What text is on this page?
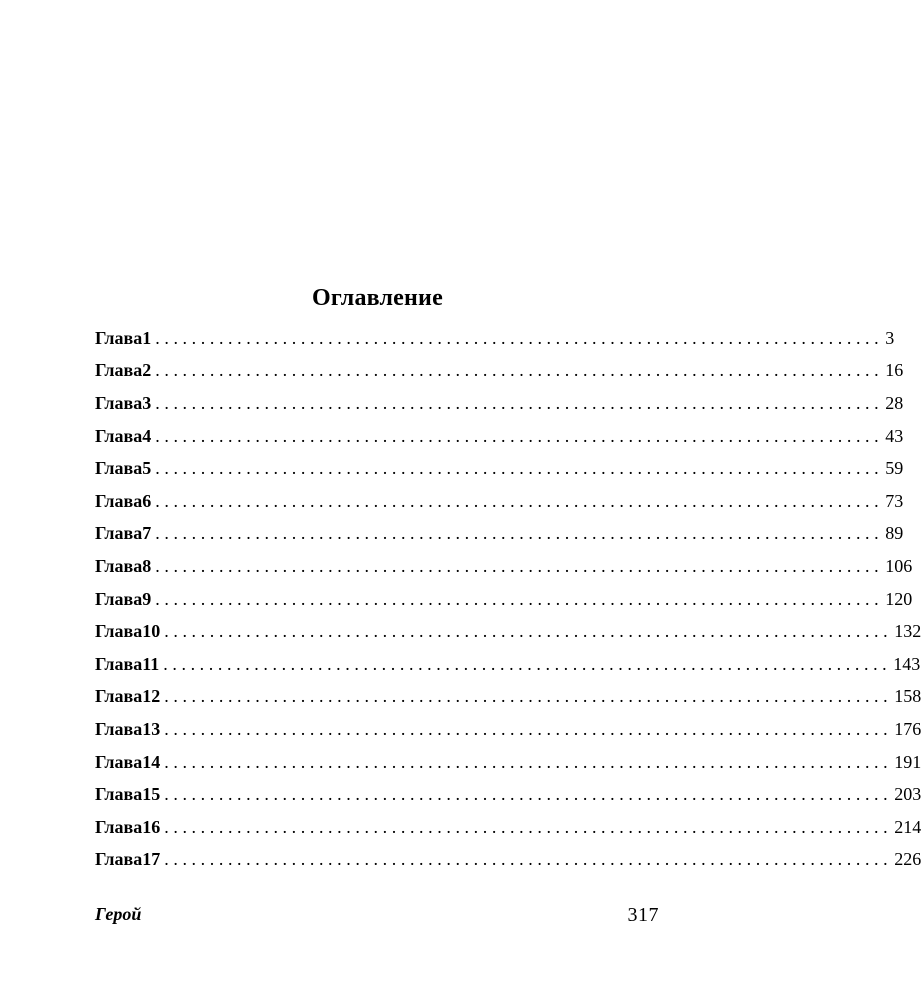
Оглавление
Глава 1 ................................................................................ 3
Глава 2 ................................................................................ 16
Глава 3 ................................................................................ 28
Глава 4 ................................................................................ 43
Глава 5 ................................................................................ 59
Глава 6 ................................................................................ 73
Глава 7 ................................................................................ 89
Глава 8 ................................................................................ 106
Глава 9 ................................................................................ 120
Глава 10 ................................................................................ 132
Глава 11 ................................................................................ 143
Глава 12 ................................................................................ 158
Глава 13 ................................................................................ 176
Глава 14 ................................................................................ 191
Глава 15 ................................................................................ 203
Глава 16 ................................................................................ 214
Глава 17 ................................................................................ 226
Герой	317
